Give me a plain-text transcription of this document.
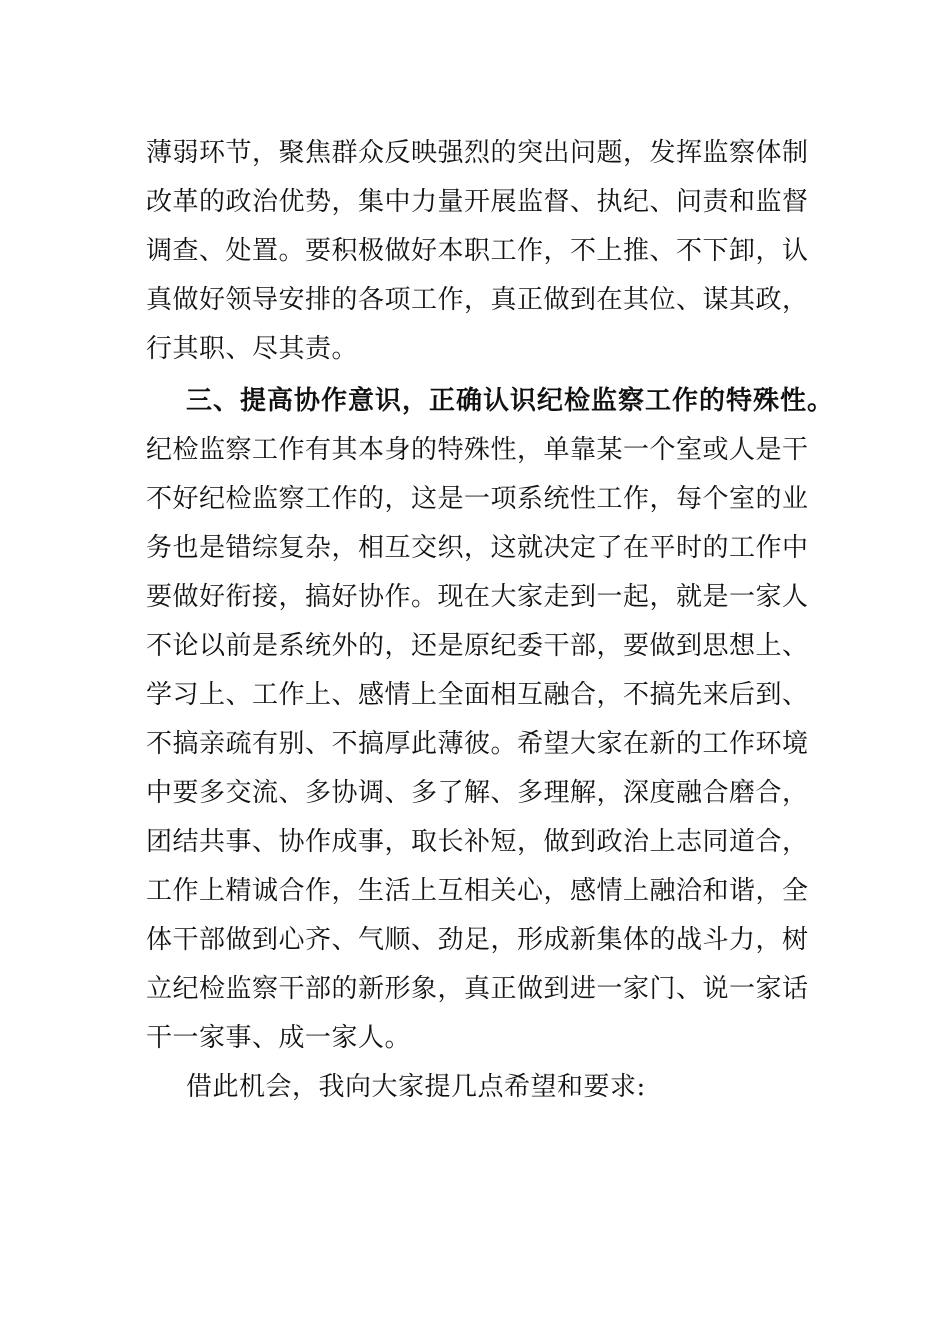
薄弱环节，聚焦群众反映强烈的突出问题，发挥监察体制
改革的政治优势，集中力量开展监督、执纪、问责和监督
调查、处置。要积极做好本职工作，不上推、不下卸，认
真做好领导安排的各项工作，真正做到在其位、谋其政，
行其职、尽其责。
三、提高协作意识，正确认识纪检监察工作的特殊性。
纪检监察工作有其本身的特殊性，单靠某一个室或人是干
不好纪检监察工作的，这是一项系统性工作，每个室的业
务也是错综复杂，相互交织，这就决定了在平时的工作中
要做好衔接，搞好协作。现在大家走到一起，就是一家人
不论以前是系统外的，还是原纪委干部，要做到思想上、
学习上、工作上、感情上全面相互融合，不搞先来后到、
不搞亲疏有别、不搞厚此薄彼。希望大家在新的工作环境
中要多交流、多协调、多了解、多理解，深度融合磨合，
团结共事、协作成事，取长补短，做到政治上志同道合，
工作上精诚合作，生活上互相关心，感情上融洽和谐，全
体干部做到心齐、气顺、劲足，形成新集体的战斗力，树
立纪检监察干部的新形象，真正做到进一家门、说一家话
干一家事、成一家人。
借此机会，我向大家提几点希望和要求:
